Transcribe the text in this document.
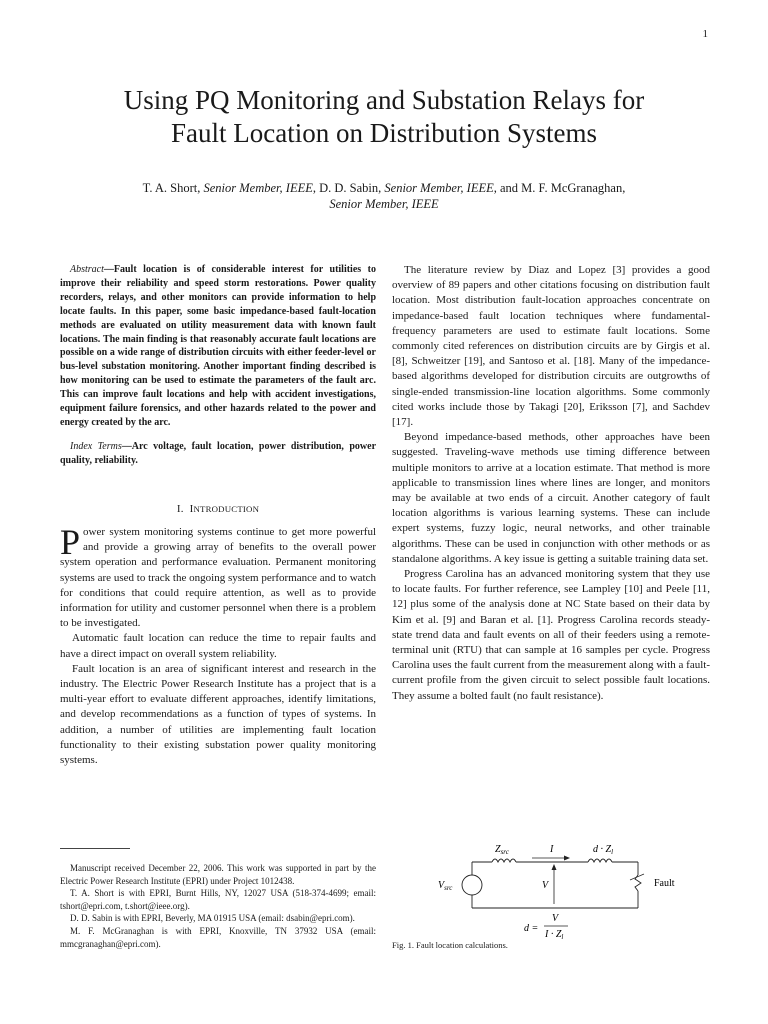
1
Using PQ Monitoring and Substation Relays for
Fault Location on Distribution Systems
T. A. Short, Senior Member, IEEE, D. D. Sabin, Senior Member, IEEE, and M. F. McGranaghan,
Senior Member, IEEE

Abstract—Fault location is of considerable interest for utilities to improve their reliability and speed storm restorations. Power quality recorders, relays, and other monitors can provide information to help locate faults. In this paper, some basic impedance-based fault-location methods are evaluated on utility measurement data with known fault locations. The main finding is that reasonably accurate fault locations are possible on a wide range of distribution circuits with either feeder-level or bus-level substation monitoring. Another important finding described is how monitoring can be used to estimate the parameters of the fault arc. This can improve fault locations and help with accident investigations, equipment failure forensics, and other hazards related to the power and energy created by the arc.

Index Terms—Arc voltage, fault location, power distribution, power quality, reliability.

I. INTRODUCTION

Power system monitoring systems continue to get more powerful and provide a growing array of benefits to the overall power system operation and performance evaluation. Permanent monitoring systems are used to track the ongoing system performance and to watch for conditions that could require attention, as well as to provide information for utility and customer personnel when there is a problem to be investigated.

Automatic fault location can reduce the time to repair faults and have a direct impact on overall system reliability.

Fault location is an area of significant interest and research in the industry. The Electric Power Research Institute has a project that is a multi-year effort to evaluate different approaches, identify limitations, and develop recommendations as a function of types of systems. In addition, a number of utilities are implementing fault location functionality to their existing substation power quality monitoring systems.

Manuscript received December 22, 2006. This work was supported in part by the Electric Power Research Institute (EPRI) under Project 1012438.

T. A. Short is with EPRI, Burnt Hills, NY, 12027 USA (518-374-4699; email: tshort@epri.com, t.short@ieee.org).

D. D. Sabin is with EPRI, Beverly, MA 01915 USA (email: dsabin@epri.com).

M. F. McGranaghan is with EPRI, Knoxville, TN 37932 USA (email: mmcgranaghan@epri.com).

The literature review by Diaz and Lopez [3] provides a good overview of 89 papers and other citations focusing on distribution fault location. Most distribution fault-location approaches concentrate on impedance-based fault location techniques where fundamental-frequency parameters are used to estimate fault locations. Some commonly cited references on distribution circuits are by Girgis et al. [8], Schweitzer [19], and Santoso et al. [18]. Many of the impedance-based algorithms developed for distribution circuits are outgrowths of single-ended transmission-line location algorithms. Some commonly cited works include those by Takagi [20], Eriksson [7], and Sachdev [17].

Beyond impedance-based methods, other approaches have been suggested. Traveling-wave methods use timing difference between multiple monitors to arrive at a location estimate. That method is more applicable to transmission lines where lines are longer, and monitors may be available at two ends of a circuit. Another category of fault location algorithms is various learning systems. These can include expert systems, fuzzy logic, neural networks, and other trainable algorithms. These can be used in conjunction with other methods or as standalone algorithms. A key issue is getting a suitable training data set.

Progress Carolina has an advanced monitoring system that they use to locate faults. For further reference, see Lampley [10] and Peele [11, 12] plus some of the analysis done at NC State based on their data by Kim et al. [9] and Baran et al. [1]. Progress Carolina records steady-state trend data and fault events on all of their feeders using a remote-terminal unit (RTU) that can sample at 16 samples per cycle. Progress Carolina uses the fault current from the measurement along with a fault-current profile from the given circuit to select possible fault locations. They assume a bolted fault (no fault resistance).

$Z_{src}$	I	$d \cdot Z_l$
$V_{src}$	V	Fault
d =
V
$I \cdot Z_l$
Fig. 1. Fault location calculations.
